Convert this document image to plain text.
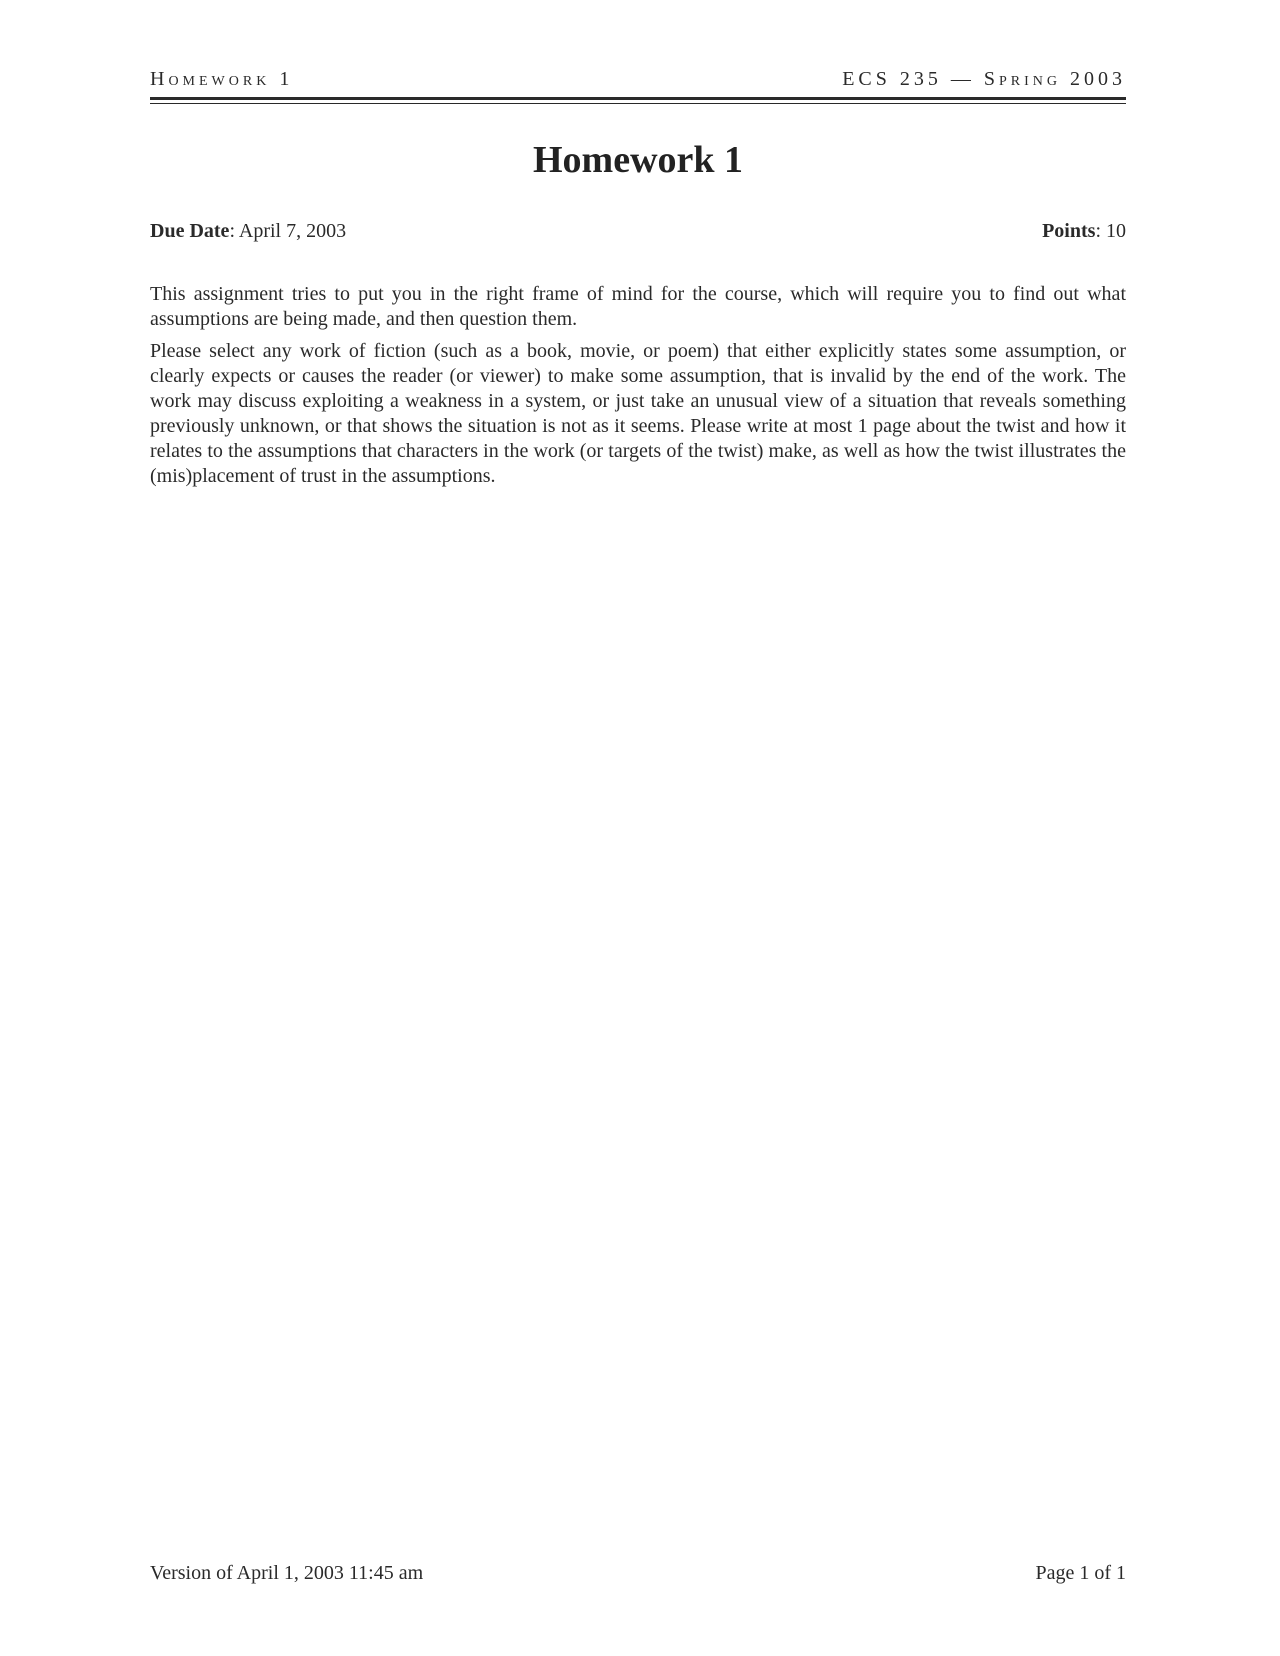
Homework 1	ECS 235 — Spring 2003
Homework 1
Due Date: April 7, 2003	Points: 10

This assignment tries to put you in the right frame of mind for the course, which will require you to find out what assumptions are being made, and then question them.

Please select any work of fiction (such as a book, movie, or poem) that either explicitly states some assumption, or clearly expects or causes the reader (or viewer) to make some assumption, that is invalid by the end of the work. The work may discuss exploiting a weakness in a system, or just take an unusual view of a situation that reveals something previously unknown, or that shows the situation is not as it seems. Please write at most 1 page about the twist and how it relates to the assumptions that characters in the work (or targets of the twist) make, as well as how the twist illustrates the (mis)placement of trust in the assumptions.

Version of April 1, 2003 11:45 am	Page 1 of 1
